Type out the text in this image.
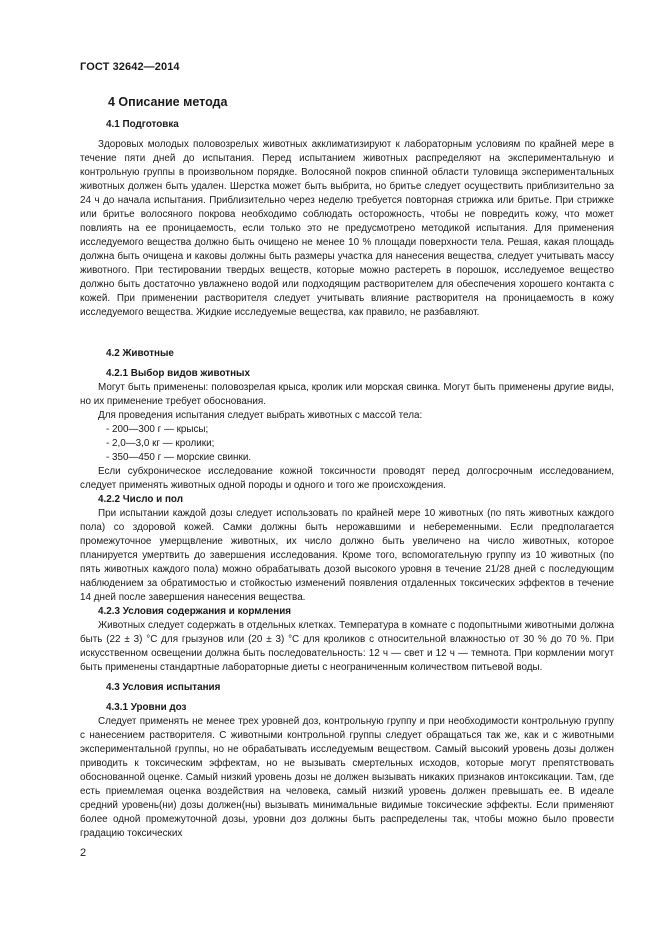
ГОСТ 32642—2014
4 Описание метода
4.1 Подготовка

Здоровых молодых половозрелых животных акклиматизируют к лабораторным условиям по крайней мере в течение пяти дней до испытания. Перед испытанием животных распределяют на экспериментальную и контрольную группы в произвольном порядке. Волосяной покров спинной области туловища экспериментальных животных должен быть удален. Шерстка может быть выбрита, но бритье следует осуществить приблизительно за 24 ч до начала испытания. Приблизительно через неделю требуется повторная стрижка или бритье. При стрижке или бритье волосяного покрова необходимо соблюдать осторожность, чтобы не повредить кожу, что может повлиять на ее проницаемость, если только это не предусмотрено методикой испытания. Для применения исследуемого вещества должно быть очищено не менее 10 % площади поверхности тела. Решая, какая площадь должна быть очищена и каковы должны быть размеры участка для нанесения вещества, следует учитывать массу животного. При тестировании твердых веществ, которые можно растереть в порошок, исследуемое вещество должно быть достаточно увлажнено водой или подходящим растворителем для обеспечения хорошего контакта с кожей. При применении растворителя следует учитывать влияние растворителя на проницаемость в кожу исследуемого вещества. Жидкие исследуемые вещества, как правило, не разбавляют.

4.2 Животные
4.2.1 Выбор видов животных

Могут быть применены: половозрелая крыса, кролик или морская свинка. Могут быть применены другие виды, но их применение требует обоснования.

Для проведения испытания следует выбрать животных с массой тела:

- 200—300 г — крысы;

- 2,0—3,0 кг — кролики;

- 350—450 г — морские свинки.

Если субхроническое исследование кожной токсичности проводят перед долгосрочным исследованием, следует применять животных одной породы и одного и того же происхождения.

4.2.2 Число и пол

При испытании каждой дозы следует использовать по крайней мере 10 животных (по пять животных каждого пола) со здоровой кожей. Самки должны быть нерожавшими и небеременными. Если предполагается промежуточное умерщвление животных, их число должно быть увеличено на число животных, которое планируется умертвить до завершения исследования. Кроме того, вспомогательную группу из 10 животных (по пять животных каждого пола) можно обрабатывать дозой высокого уровня в течение 21/28 дней с последующим наблюдением за обратимостью и стойкостью изменений появления отдаленных токсических эффектов в течение 14 дней после завершения нанесения вещества.

4.2.3 Условия содержания и кормления

Животных следует содержать в отдельных клетках. Температура в комнате с подопытными животными должна быть (22 ± 3) °С для грызунов или (20 ± 3) °С для кроликов с относительной влажностью от 30 % до 70 %. При искусственном освещении должна быть последовательность: 12 ч — свет и 12 ч — темнота. При кормлении могут быть применены стандартные лабораторные диеты с неограниченным количеством питьевой воды.

4.3 Условия испытания
4.3.1 Уровни доз

Следует применять не менее трех уровней доз, контрольную группу и при необходимости контрольную группу с нанесением растворителя. С животными контрольной группы следует обращаться так же, как и с животными экспериментальной группы, но не обрабатывать исследуемым веществом. Самый высокий уровень дозы должен приводить к токсическим эффектам, но не вызывать смертельных исходов, которые могут препятствовать обоснованной оценке. Самый низкий уровень дозы не должен вызывать никаких признаков интоксикации. Там, где есть приемлемая оценка воздействия на человека, самый низкий уровень должен превышать ее. В идеале средний уровень(ни) дозы должен(ны) вызывать минимальные видимые токсические эффекты. Если применяют более одной промежуточной дозы, уровни доз должны быть распределены так, чтобы можно было провести градацию токсических

2
